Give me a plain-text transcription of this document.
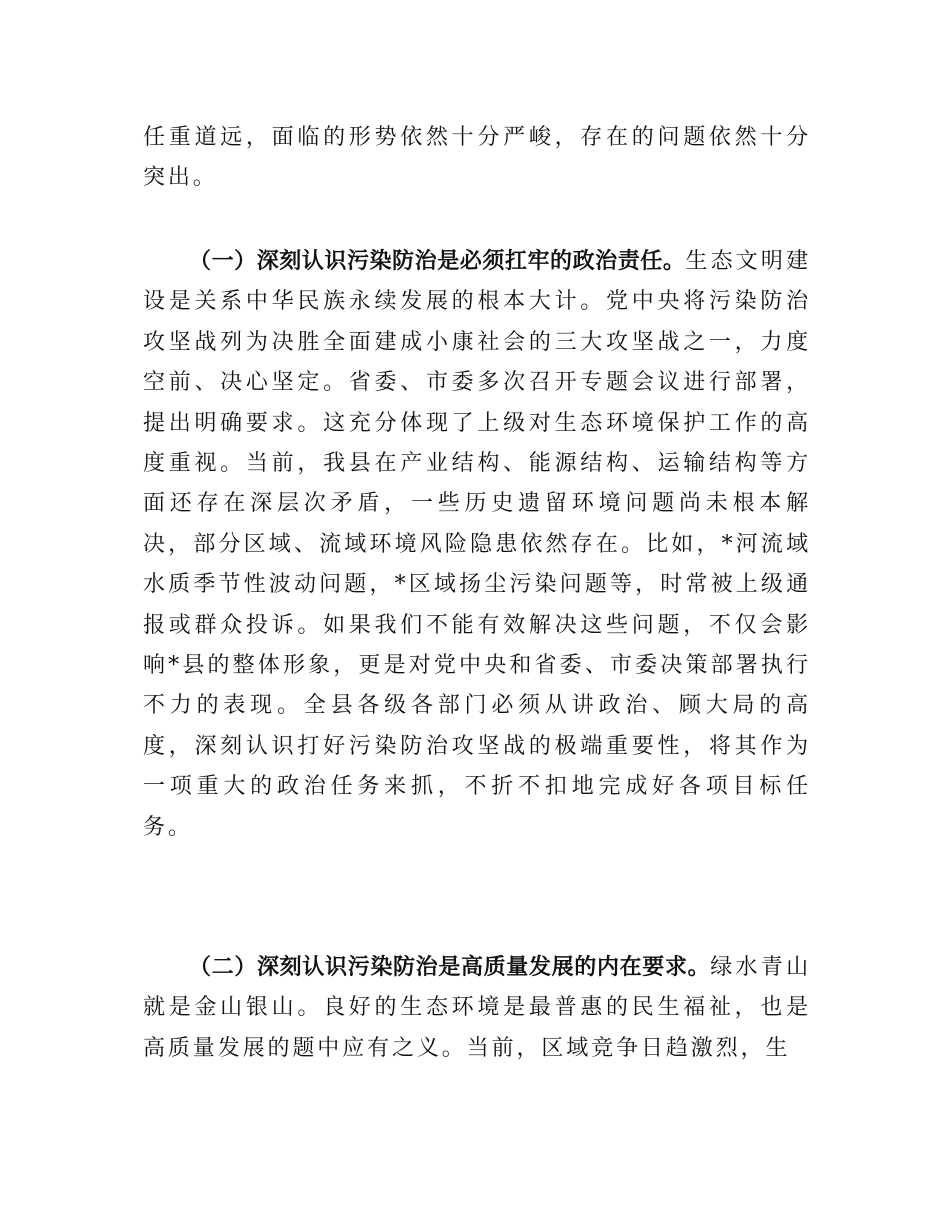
任重道远，面临的形势依然十分严峻，存在的问题依然十分突出。

（一）深刻认识污染防治是必须扛牢的政治责任。生态文明建设是关系中华民族永续发展的根本大计。党中央将污染防治攻坚战列为决胜全面建成小康社会的三大攻坚战之一，力度空前、决心坚定。省委、市委多次召开专题会议进行部署，提出明确要求。这充分体现了上级对生态环境保护工作的高度重视。当前，我县在产业结构、能源结构、运输结构等方面还存在深层次矛盾，一些历史遗留环境问题尚未根本解决，部分区域、流域环境风险隐患依然存在。比如，*河流域水质季节性波动问题，*区域扬尘污染问题等，时常被上级通报或群众投诉。如果我们不能有效解决这些问题，不仅会影响*县的整体形象，更是对党中央和省委、市委决策部署执行不力的表现。全县各级各部门必须从讲政治、顾大局的高度，深刻认识打好污染防治攻坚战的极端重要性，将其作为一项重大的政治任务来抓，不折不扣地完成好各项目标任务。

（二）深刻认识污染防治是高质量发展的内在要求。绿水青山就是金山银山。良好的生态环境是最普惠的民生福祉，也是高质量发展的题中应有之义。当前，区域竞争日趋激烈，生
